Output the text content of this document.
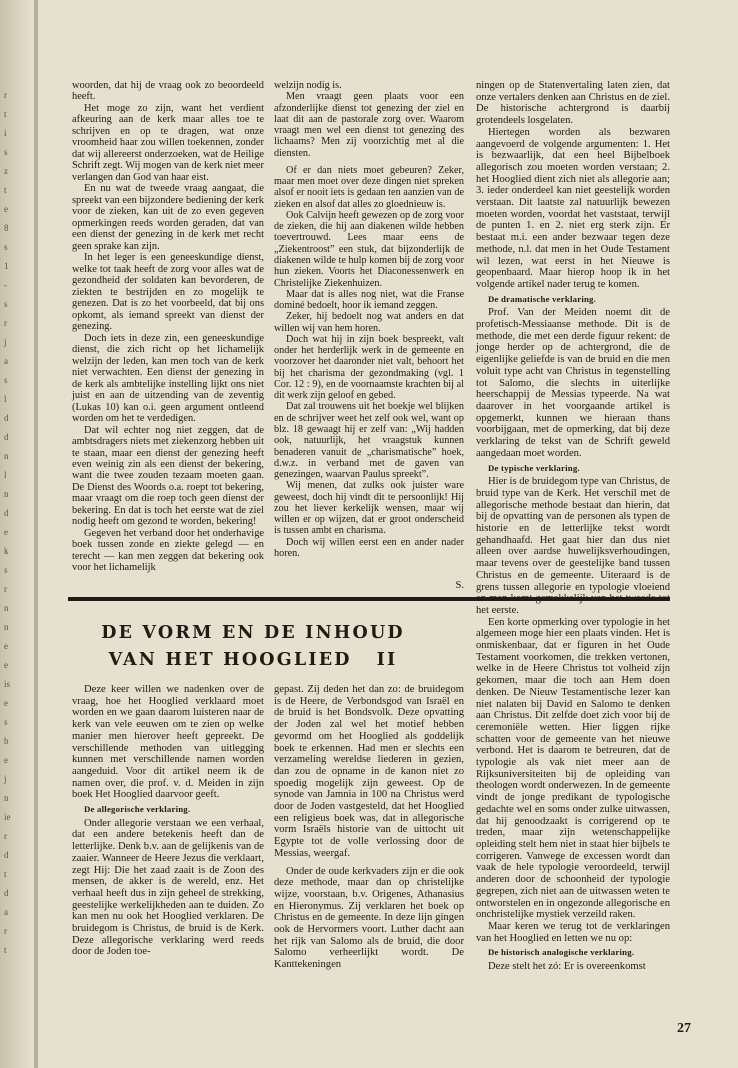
r
t
i
s
z
t
e
8
s
1
-
s
r
j
a
s
l
d
d
n
l
n
d
e
k
s
r
n
n
e
e
is
e
s
b
e
j
n
ie
r
d
t
d
a
r
t

woorden, dat hij de vraag ook zo beoordeeld heeft.

Het moge zo zijn, want het verdient afkeuring aan de kerk maar alles toe te schrijven en op te dragen, wat onze vroomheid haar zou willen toekennen, zonder dat wij allereerst onderzoeken, wat de Heilige Schrift zegt. Wij mogen van de kerk niet meer verlangen dan God van haar eist.

En nu wat de tweede vraag aangaat, die spreekt van een bijzondere bediening der kerk voor de zieken, kan uit de zo even gegeven opmerkingen reeds worden geraden, dat van een dienst der genezing in de kerk met recht geen sprake kan zijn.

In het leger is een geneeskundige dienst, welke tot taak heeft de zorg voor alles wat de gezondheid der soldaten kan bevorderen, de ziekten te bestrijden en zo mogelijk te genezen. Dat is zo het voorbeeld, dat bij ons opkomt, als iemand spreekt van dienst der genezing.

Doch iets in deze zin, een geneeskundige dienst, die zich richt op het lichamelijk welzijn der leden, kan men toch van de kerk niet verwachten. Een dienst der genezing in de kerk als ambtelijke instelling lijkt ons niet juist en aan de uitzending van de zeventig (Lukas 10) kan o.i. geen argument ontleend worden om het te verdedigen.

Dat wil echter nog niet zeggen, dat de ambtsdragers niets met ziekenzorg hebben uit te staan, maar een dienst der genezing heeft even weinig zin als een dienst der bekering, want die twee zouden tezaam moeten gaan. De Dienst des Woords o.a. roept tot bekering, maar vraagt om die roep toch geen dienst der bekering. En dat is toch het eerste wat de ziel nodig heeft om gezond te worden, bekering!

Gegeven het verband door het onderhavige boek tussen zonde en ziekte gelegd — en terecht — kan men zeggen dat bekering ook voor het lichamelijk

welzijn nodig is.

Men vraagt geen plaats voor een afzonderlijke dienst tot genezing der ziel en laat dit aan de pastorale zorg over. Waarom vraagt men wel een dienst tot genezing des lichaams? Men zij voorzichtig met al die diensten.

Of er dan niets moet gebeuren? Zeker, maar men moet over deze dingen niet spreken alsof er nooit iets is gedaan ten aanzien van de zieken en alsof dat alles zo gloednieuw is.

Ook Calvijn heeft gewezen op de zorg voor de zieken, die hij aan diakenen wilde hebben toevertrouwd. Lees maar eens de „Ziekentroost” een stuk, dat bijzonderlijk de diakenen wilde te hulp komen bij de zorg voor hun zieken. Voorts het Diaconessenwerk en Christelijke Ziekenhuizen.

Maar dat is alles nog niet, wat die Franse dominé bedoelt, hoor ik iemand zeggen.

Zeker, hij bedoelt nog wat anders en dat willen wij van hem horen.

Doch wat hij in zijn boek bespreekt, valt onder het herderlijk werk in de gemeente en voorzover het daaronder niet valt, behoort het bij het charisma der gezondmaking (vgl. 1 Cor. 12 : 9), en de voornaamste krachten bij al dit werk zijn geloof en gebed.

Dat zal trouwens uit het boekje wel blijken en de schrijver weet het zelf ook wel, want op blz. 18 gewaagt hij er zelf van: „Wij hadden ook, natuurlijk, het vraagstuk kunnen benaderen vanuit de „charismatische” hoek, d.w.z. in verband met de gaven van genezingen, waarvan Paulus spreekt”.

Wij menen, dat zulks ook juister ware geweest, doch hij vindt dit te persoonlijk! Hij zou het liever kerkelijk wensen, maar wij willen er op wijzen, dat er groot onderscheid is tussen ambt en charisma.

Doch wij willen eerst een en ander nader horen.

S.

ningen op de Statenvertaling laten zien, dat onze vertalers denken aan Christus en de ziel. De historische achtergrond is daarbij grotendeels losgelaten.

Hiertegen worden als bezwaren aangevoerd de volgende argumenten: 1. Het is bezwaarlijk, dat een heel Bijbelboek allegorisch zou moeten worden verstaan; 2. het Hooglied dient zich niet als allegorie aan; 3. ieder onderdeel kan niet geestelijk worden verstaan. Dit laatste zal natuurlijk bewezen moeten worden, voordat het vaststaat, terwijl de punten 1. en 2. niet erg sterk zijn. Er bestaat m.i. een ander bezwaar tegen deze methode, n.l. dat men in het Oude Testament wil lezen, wat eerst in het Nieuwe is geopenbaard. Maar hierop hoop ik in het volgende artikel nader terug te komen.

De dramatische verklaring.

Prof. Van der Meiden noemt dit de profetisch-Messiaanse methode. Dit is de methode, die met een derde figuur rekent: de jonge herder op de achtergrond, die de eigenlijke geliefde is van de bruid en die men voluit type acht van Christus in tegenstelling tot Salomo, die slechts in uiterlijke heerschappij de Messias typeerde. Na wat daarover in het voorgaande artikel is opgemerkt, kunnen we hieraan thans voorbijgaan, met de opmerking, dat bij deze verklaring de tekst van de Schrift geweld aangedaan moet worden.

De typische verklaring.

Hier is de bruidegom type van Christus, de bruid type van de Kerk. Het verschil met de allegorische methode bestaat dan hierin, dat bij de opvatting van de personen als typen de historie en de letterlijke tekst wordt gehandhaafd. Het gaat hier dan dus niet alleen over aardse huwelijksverhoudingen, maar tevens over de geestelijke band tussen Christus en de gemeente. Uiteraard is de grens tussen allegorie en typologie vloeiend het eerste.

Een korte opmerking over typologie in het algemeen moge hier een plaats vinden. Het is onmiskenbaar, dat er figuren in het Oude Testament voorkomen, die trekken vertonen, welke in de Heere Christus tot volheid zijn gekomen, maar die toch aan Hem doen denken. De Nieuw Testamentische lezer kan niet nalaten bij David en Salomo te denken aan Christus. Dit zelfde doet zich voor bij de ceremoniële wetten. Hier liggen rijke schatten voor de gemeente van het nieuwe verbond. Het is daarom te betreuren, dat de typologie als vak niet meer aan de Rijksuniversiteiten bij de opleiding van theologen wordt onderwezen. In de gemeente vindt de jonge predikant de typologische gedachte wel en soms onder zulke uitwassen, dat hij genoodzaakt is corrigerend op te treden, maar zijn wetenschappelijke opleiding stelt hem niet in staat hier bijbels te corrigeren. Vanwege de excessen wordt dan vaak de hele typologie veroordeeld, terwijl anderen door de schoonheid der typologie gegrepen, zich niet aan de uitwassen weten te ontworstelen en in ongezonde allegorische en onchristelijke mystiek verzeild raken.

Maar keren we terug tot de verklaringen van het Hooglied en letten we nu op:

De historisch analogische verklaring.

Deze stelt het zó: Er is overeenkomst

DE VORM EN DE INHOUD
VAN HET HOOGLIED   II

Deze keer willen we nadenken over de vraag, hoe het Hooglied verklaard moet worden en we gaan daarom luisteren naar de kerk van vele eeuwen om te zien op welke manier men hierover heeft gepreekt. De verschillende methoden van uitlegging kunnen met verschillende namen worden aangeduid. Voor dit artikel neem ik de namen over, die prof. v. d. Meiden in zijn boek Het Hooglied daarvoor geeft.

De allegorische verklaring.

Onder allegorie verstaan we een verhaal, dat een andere betekenis heeft dan de letterlijke. Denk b.v. aan de gelijkenis van de zaaier. Wanneer de Heere Jezus die verklaart, zegt Hij: Die het zaad zaait is de Zoon des mensen, de akker is de wereld, enz. Het verhaal heeft dus in zijn geheel de strekking, geestelijke werkelijkheden aan te duiden. Zo kan men nu ook het Hooglied verklaren. De bruidegom is Christus, de bruid is de Kerk. Deze allegorische verklaring werd reeds door de Joden toe-

gepast. Zij deden het dan zo: de bruidegom is de Heere, de Verbondsgod van Israël en de bruid is het Bondsvolk. Deze opvatting der Joden zal wel het motief hebben gevormd om het Hooglied als goddelijk boek te erkennen. Had men er slechts een verzameling wereldse liederen in gezien, dan zou de opname in de kanon niet zo spoedig mogelijk zijn geweest. Op de synode van Jamnia in 100 na Christus werd door de Joden vastgesteld, dat het Hooglied een religieus boek was, dat in allegorische vorm Israëls historie van de uittocht uit Egypte tot de volle verlossing door de Messias, weergaf.

Onder de oude kerkvaders zijn er die ook deze methode, maar dan op christelijke wijze, voorstaan, b.v. Origenes, Athanasius en Hieronymus. Zij verklaren het boek op Christus en de gemeente. In deze lijn gingen ook de Hervormers voort. Luther dacht aan het rijk van Salomo als de bruid, die door Salomo verheerlijkt wordt. De Kanttekeningen

27
